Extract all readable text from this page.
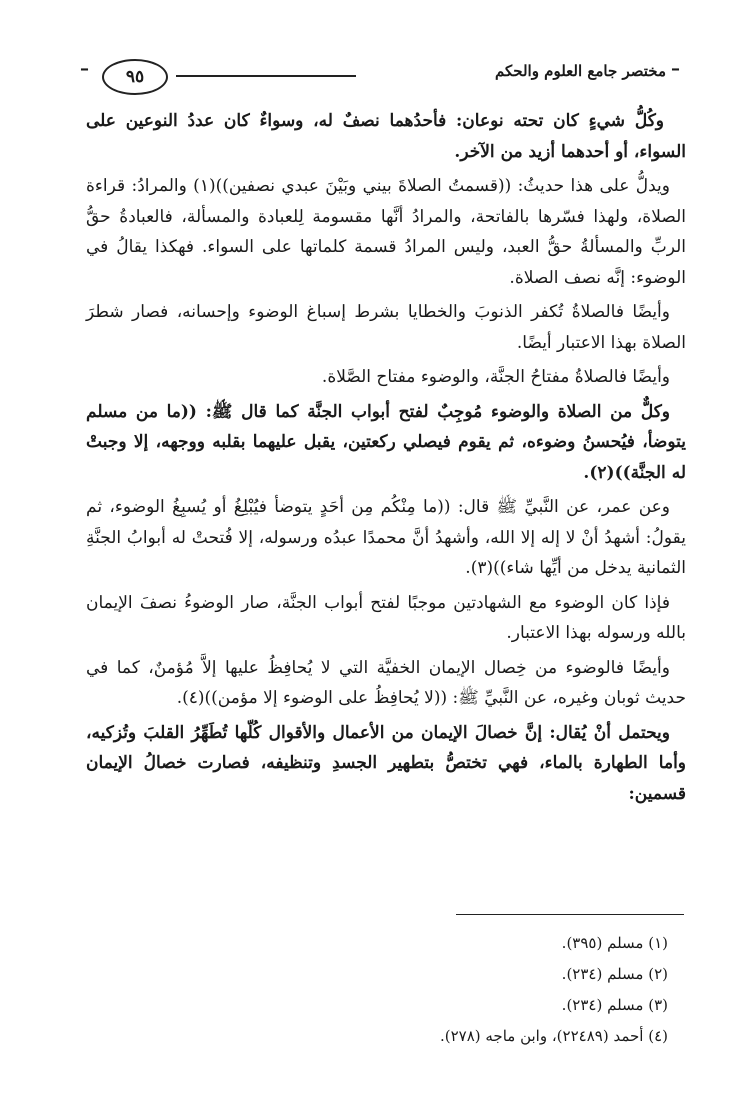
–	٩٥	مختصر جامع العلوم والحكم –

وكُلُّ شيءٍ كان تحته نوعان: فأحدُهما نصفٌ له، وسواءٌ كان عددُ النوعين على السواء، أو أحدهما أزيد من الآخر.

ويدلُّ على هذا حديثُ: ((قسمتُ الصلاةَ بيني وبَيْنَ عبدي نصفين))(١) والمرادُ: قراءة الصلاة، ولهذا فسّرها بالفاتحة، والمرادُ أنَّها مقسومة لِلعبادة والمسألة، فالعبادةُ حقُّ الربِّ والمسألةُ حقُّ العبد، وليس المرادُ قسمة كلماتها على السواء. فهكذا يقالُ في الوضوء: إنَّه نصف الصلاة.

وأيضًا فالصلاةُ تُكفر الذنوبَ والخطايا بشرط إسباغ الوضوء وإحسانه، فصار شطرَ الصلاة بهذا الاعتبار أيضًا.

وأيضًا فالصلاةُ مفتاحُ الجنَّة، والوضوء مفتاح الصَّلاة.

وكلٌّ من الصلاة والوضوء مُوجِبٌ لفتح أبواب الجنَّة كما قال ﷺ: ((ما من مسلم يتوضأ، فيُحسنُ وضوءه، ثم يقوم فيصلي ركعتين، يقبل عليهما بقلبه ووجهه، إلا وجبتْ له الجنَّة))(٢).

وعن عمر، عن النَّبيِّ ﷺ قال: ((ما مِنْكُم مِن أحَدٍ يتوضأ فيُبْلِغُ أو يُسبِغُ الوضوء، ثم يقولُ: أشهدُ أنْ لا إله إلا الله، وأشهدُ أنَّ محمدًا عبدُه ورسوله، إلا فُتحتْ له أبوابُ الجنَّةِ الثمانية يدخل من أيِّها شاء))(٣).

فإذا كان الوضوء مع الشهادتين موجبًا لفتح أبواب الجنَّة، صار الوضوءُ نصفَ الإيمان بالله ورسوله بهذا الاعتبار.

وأيضًا فالوضوء من خِصال الإيمان الخفيَّة التي لا يُحافِظُ عليها إلاَّ مُؤمنٌ، كما في حديث ثوبان وغيره، عن النَّبيِّ ﷺ: ((لا يُحافِظُ على الوضوء إلا مؤمن))(٤).

ويحتمل أنْ يُقال: إنَّ خصالَ الإيمان من الأعمال والأقوال كُلّها تُطَهِّرُ القلبَ وتُزكيه، وأما الطهارة بالماء، فهي تختصُّ بتطهير الجسدِ وتنظيفه، فصارت خصالُ الإيمان قسمين:

(١) مسلم (٣٩٥).
(٢) مسلم (٢٣٤).
(٣) مسلم (٢٣٤).
(٤) أحمد (٢٢٤٨٩)، وابن ماجه (٢٧٨).
